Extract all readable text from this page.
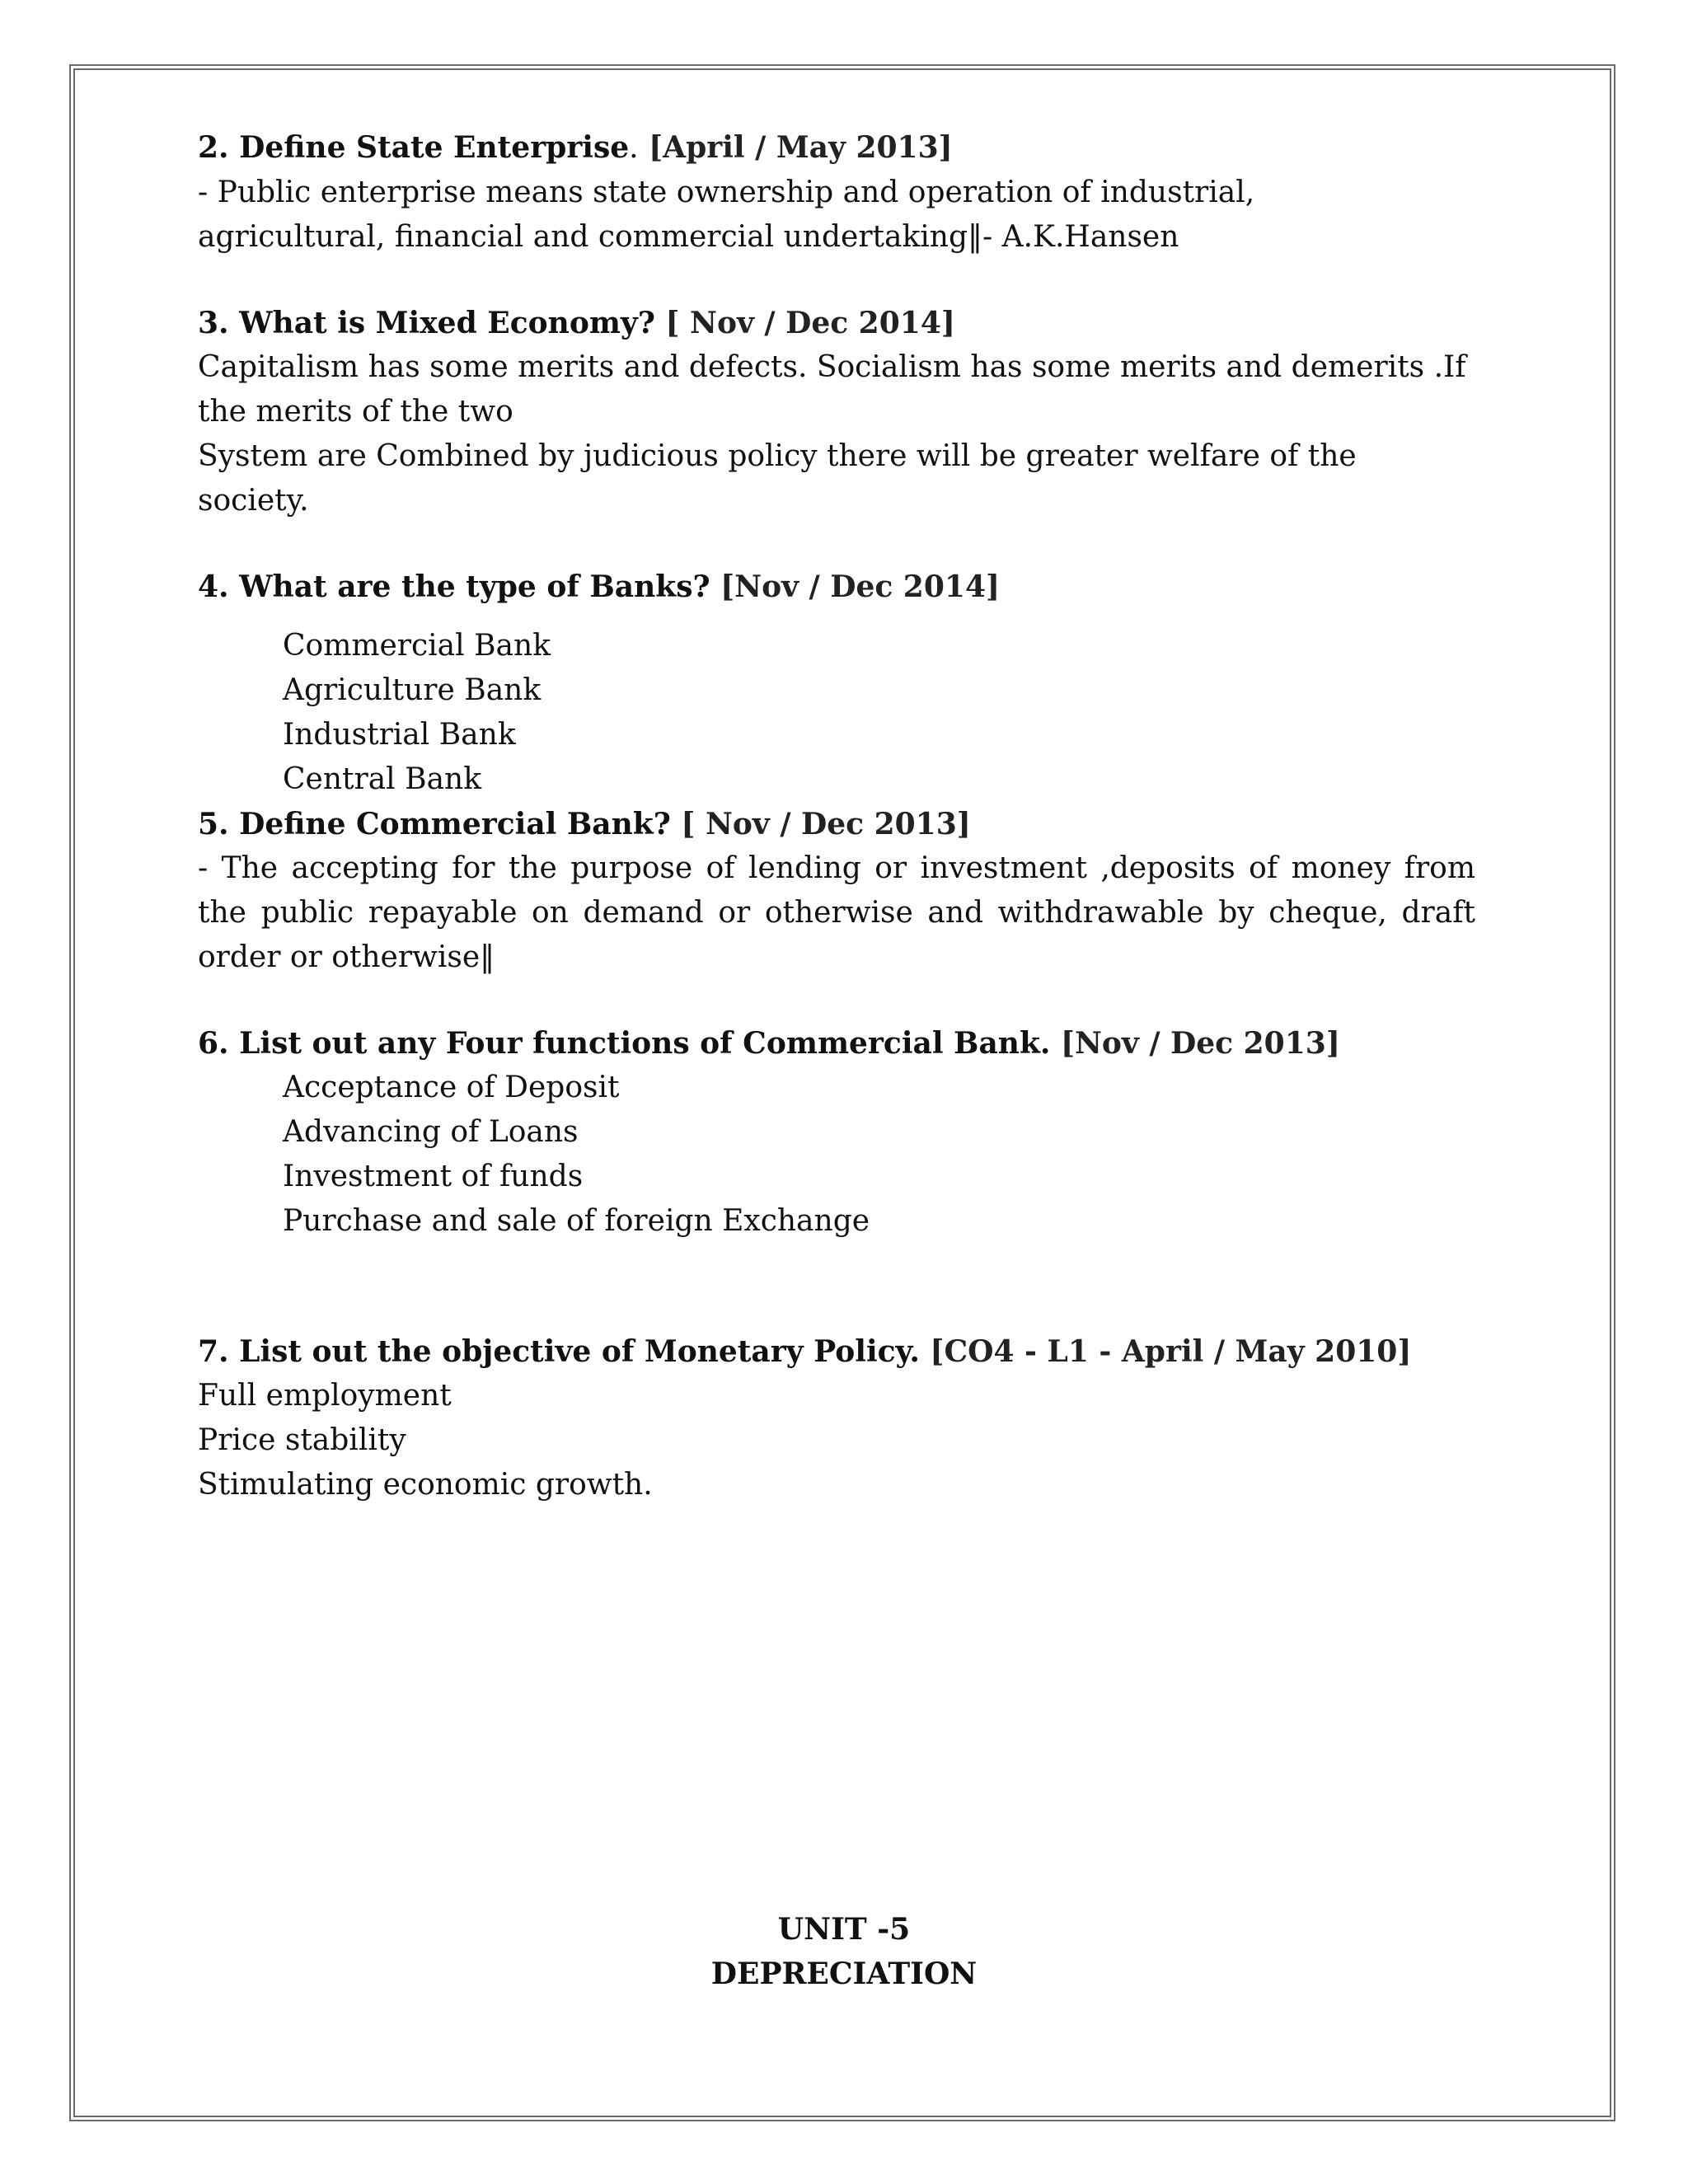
2. Define State Enterprise. [April / May 2013]

- Public enterprise means state ownership and operation of industrial, agricultural, financial and commercial undertaking‖- A.K.Hansen

3. What is Mixed Economy? [ Nov / Dec 2014]

Capitalism has some merits and defects. Socialism has some merits and demerits .If the merits of the two

System are Combined by judicious policy there will be greater welfare of the society.

4. What are the type of Banks? [Nov / Dec 2014]

Commercial Bank
Agriculture Bank
Industrial Bank
Central Bank

5. Define Commercial Bank? [ Nov / Dec 2013]

- The accepting for the purpose of lending or investment ,deposits of money from the public repayable on demand or otherwise and withdrawable by cheque, draft order or otherwise‖

6. List out any Four functions of Commercial Bank. [Nov / Dec 2013]

Acceptance of Deposit
Advancing of Loans
Investment of funds
Purchase and sale of foreign Exchange

7. List out the objective of Monetary Policy. [CO4 - L1 - April / May 2010]

Full employment
Price stability
Stimulating economic growth.
UNIT -5
DEPRECIATION
